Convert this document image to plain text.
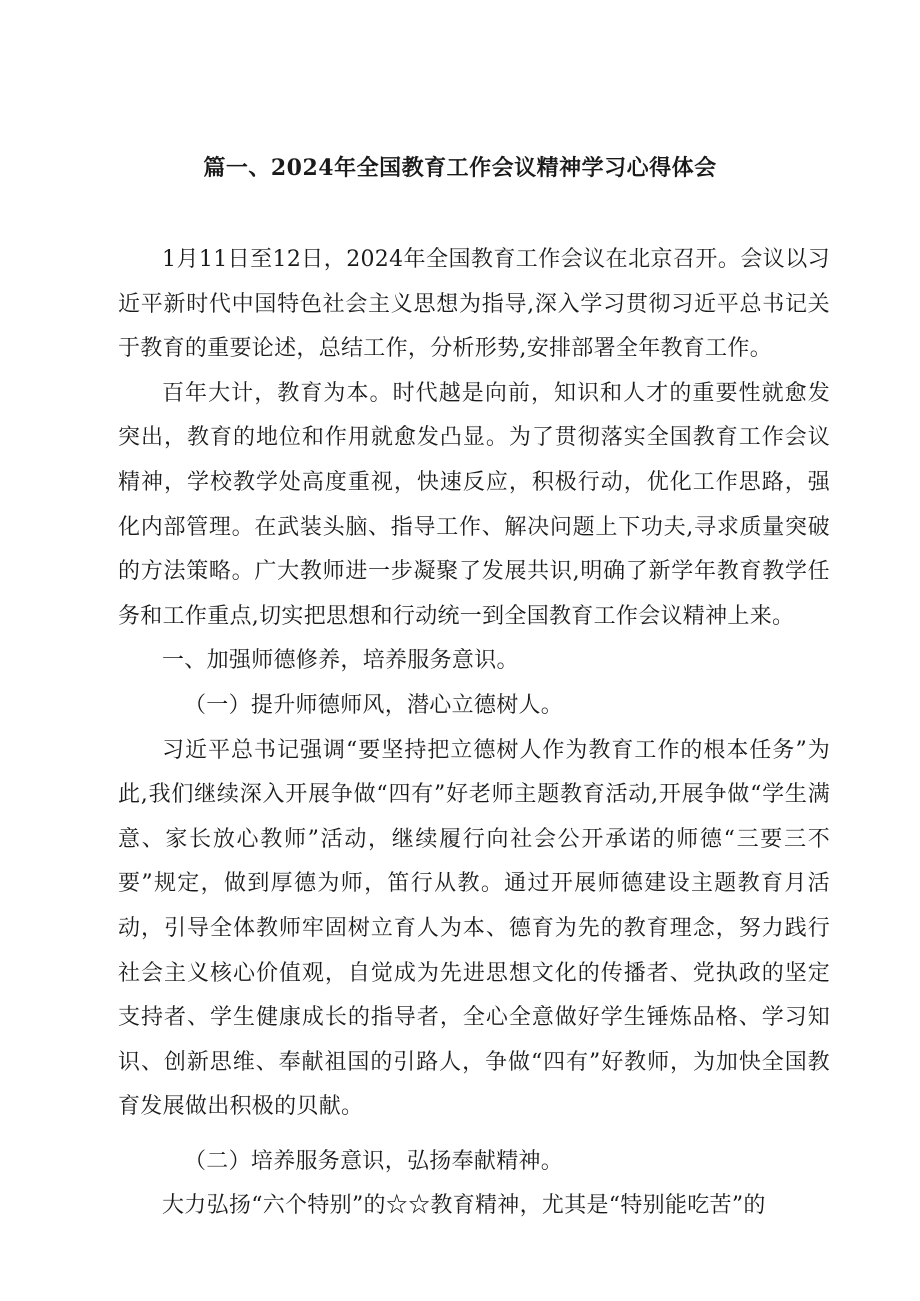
篇一、2024年全国教育工作会议精神学习心得体会

1月11日至12日，2024年全国教育工作会议在北京召开。会议以习近平新时代中国特色社会主义思想为指导,深入学习贯彻习近平总书记关于教育的重要论述，总结工作，分析形势,安排部署全年教育工作。

百年大计，教育为本。时代越是向前，知识和人才的重要性就愈发突出，教育的地位和作用就愈发凸显。为了贯彻落实全国教育工作会议精神，学校教学处高度重视，快速反应，积极行动，优化工作思路，强化内部管理。在武装头脑、指导工作、解决问题上下功夫,寻求质量突破的方法策略。广大教师进一步凝聚了发展共识,明确了新学年教育教学任务和工作重点,切实把思想和行动统一到全国教育工作会议精神上来。

一、加强师德修养，培养服务意识。

（一）提升师德师风，潜心立德树人。

习近平总书记强调“要坚持把立德树人作为教育工作的根本任务”为此,我们继续深入开展争做“四有”好老师主题教育活动,开展争做“学生满意、家长放心教师”活动，继续履行向社会公开承诺的师德“三要三不要”规定，做到厚德为师，笛行从教。通过开展师德建设主题教育月活动，引导全体教师牢固树立育人为本、德育为先的教育理念，努力践行社会主义核心价值观，自觉成为先进思想文化的传播者、党执政的坚定支持者、学生健康成长的指导者，全心全意做好学生锤炼品格、学习知识、创新思维、奉献祖国的引路人，争做“四有”好教师，为加快全国教育发展做出积极的贝献。

（二）培养服务意识，弘扬奉献精神。

大力弘扬“六个特别”的☆☆教育精神，尤其是“特别能吃苦”的
